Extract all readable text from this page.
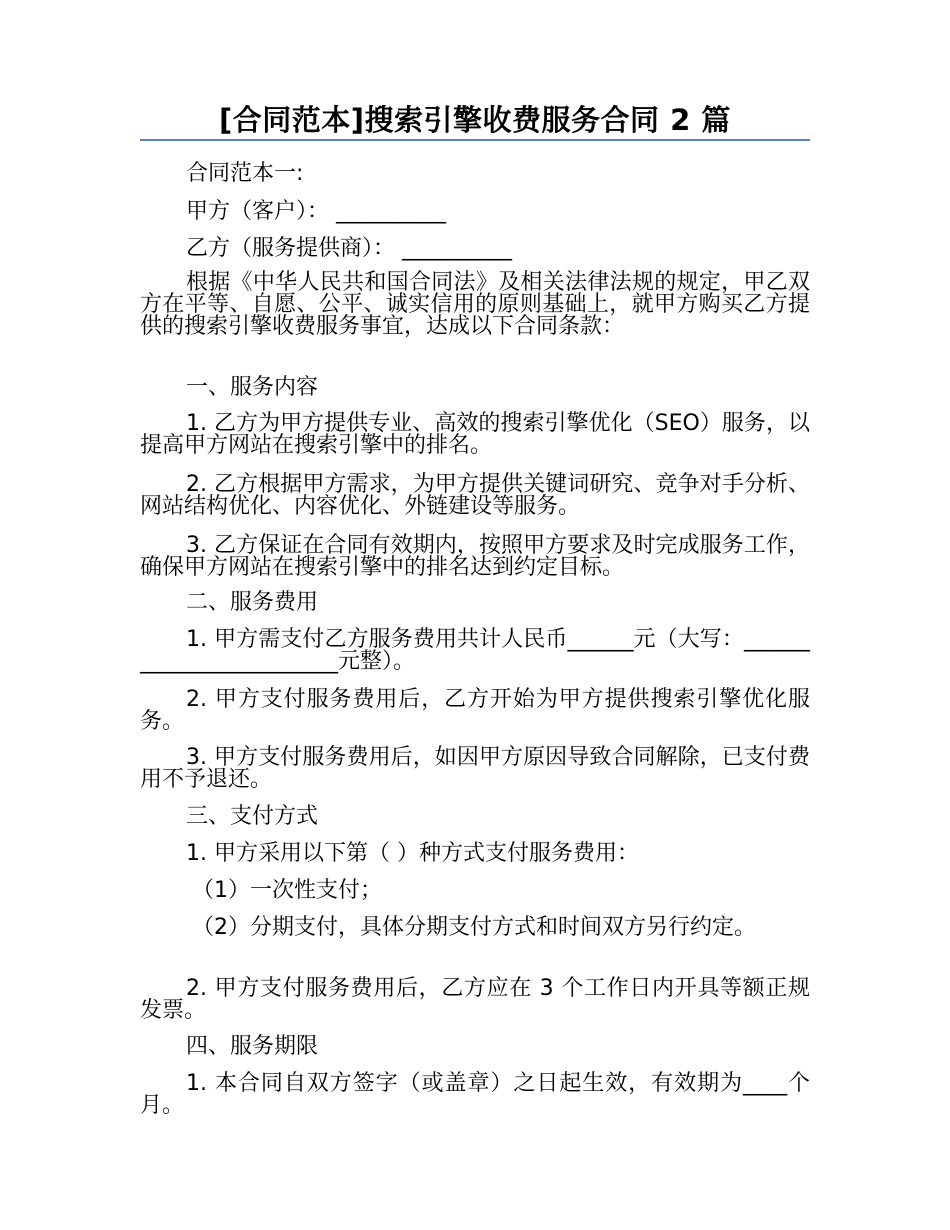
[合同范本]搜索引擎收费服务合同 2 篇
合同范本一:
甲方（客户）： __________
乙方（服务提供商）： __________
根据《中华人民共和国合同法》及相关法律法规的规定，甲乙双方在平等、自愿、公平、诚实信用的原则基础上，就甲方购买乙方提供的搜索引擎收费服务事宜，达成以下合同条款：
一、服务内容
1. 乙方为甲方提供专业、高效的搜索引擎优化（SEO）服务，以提高甲方网站在搜索引擎中的排名。
2. 乙方根据甲方需求，为甲方提供关键词研究、竞争对手分析、网站结构优化、内容优化、外链建设等服务。
3. 乙方保证在合同有效期内，按照甲方要求及时完成服务工作，确保甲方网站在搜索引擎中的排名达到约定目标。
二、服务费用
1. 甲方需支付乙方服务费用共计人民币______元（大写：________________________元整）。
2. 甲方支付服务费用后，乙方开始为甲方提供搜索引擎优化服务。
3. 甲方支付服务费用后，如因甲方原因导致合同解除，已支付费用不予退还。
三、支付方式
1. 甲方采用以下第（ ）种方式支付服务费用：
（1）一次性支付；
（2）分期支付，具体分期支付方式和时间双方另行约定。
2. 甲方支付服务费用后，乙方应在 3 个工作日内开具等额正规发票。
四、服务期限
1. 本合同自双方签字（或盖章）之日起生效，有效期为____个月。
